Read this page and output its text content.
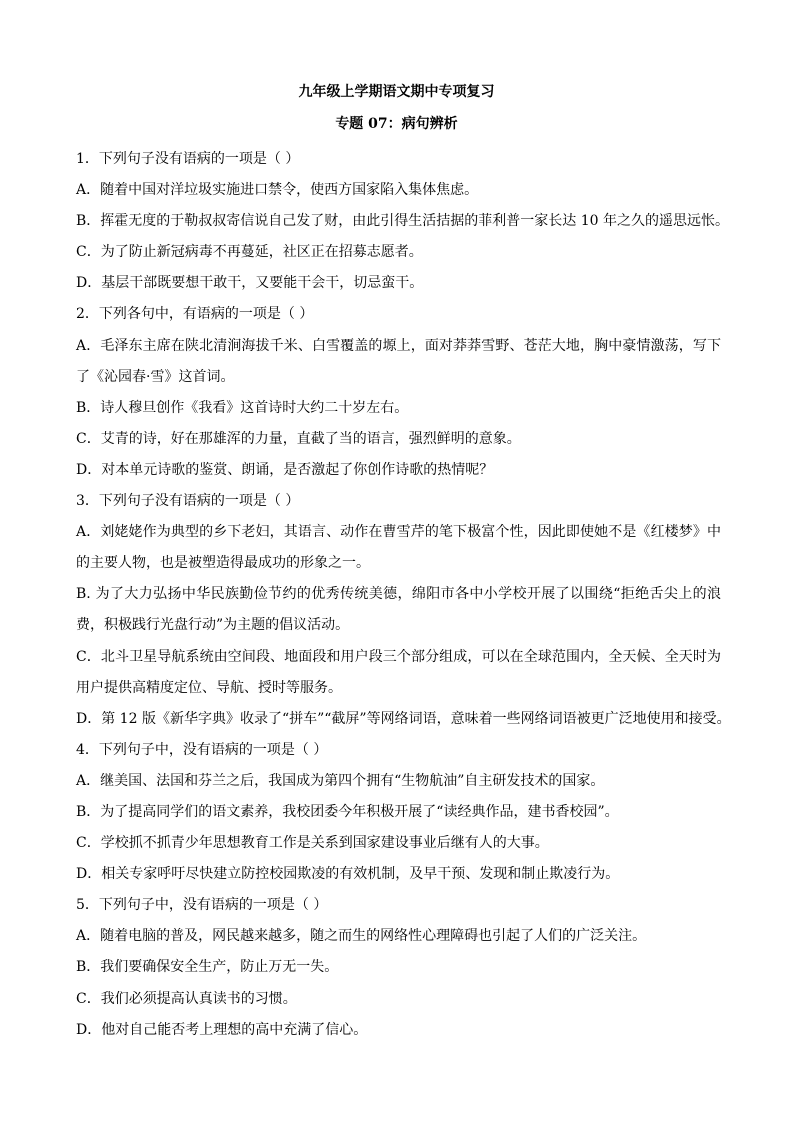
九年级上学期语文期中专项复习

专题 07：病句辨析

1．下列句子没有语病的一项是（ ）

A．随着中国对洋垃圾实施进口禁令，使西方国家陷入集体焦虑。

B．挥霍无度的于勒叔叔寄信说自己发了财，由此引得生活拮据的菲利普一家长达 10 年之久的遥思远怅。

C．为了防止新冠病毒不再蔓延，社区正在招募志愿者。

D．基层干部既要想干敢干，又要能干会干，切忌蛮干。

2．下列各句中，有语病的一项是（ ）

A．毛泽东主席在陕北清涧海拔千米、白雪覆盖的塬上，面对莽莽雪野、苍茫大地，胸中豪情激荡，写下了《沁园春·雪》这首词。

B．诗人穆旦创作《我看》这首诗时大约二十岁左右。

C．艾青的诗，好在那雄浑的力量，直截了当的语言，强烈鲜明的意象。

D．对本单元诗歌的鉴赏、朗诵，是否激起了你创作诗歌的热情呢？

3．下列句子没有语病的一项是（ ）

A．刘姥姥作为典型的乡下老妇，其语言、动作在曹雪芹的笔下极富个性，因此即使她不是《红楼梦》中的主要人物，也是被塑造得最成功的形象之一。

B. 为了大力弘扬中华民族勤俭节约的优秀传统美德，绵阳市各中小学校开展了以围绕“拒绝舌尖上的浪费，积极践行光盘行动”为主题的倡议活动。

C．北斗卫星导航系统由空间段、地面段和用户段三个部分组成，可以在全球范围内，全天候、全天时为用户提供高精度定位、导航、授时等服务。

D．第 12 版《新华字典》收录了“拼车”“截屏”等网络词语，意味着一些网络词语被更广泛地使用和接受。

4．下列句子中，没有语病的一项是（ ）

A．继美国、法国和芬兰之后，我国成为第四个拥有“生物航油”自主研发技术的国家。

B．为了提高同学们的语文素养，我校团委今年积极开展了“读经典作品，建书香校园”。

C．学校抓不抓青少年思想教育工作是关系到国家建设事业后继有人的大事。

D．相关专家呼吁尽快建立防控校园欺凌的有效机制，及早干预、发现和制止欺凌行为。

5．下列句子中，没有语病的一项是（ ）

A．随着电脑的普及，网民越来越多，随之而生的网络性心理障碍也引起了人们的广泛关注。

B．我们要确保安全生产，防止万无一失。

C．我们必须提高认真读书的习惯。

D．他对自己能否考上理想的高中充满了信心。
